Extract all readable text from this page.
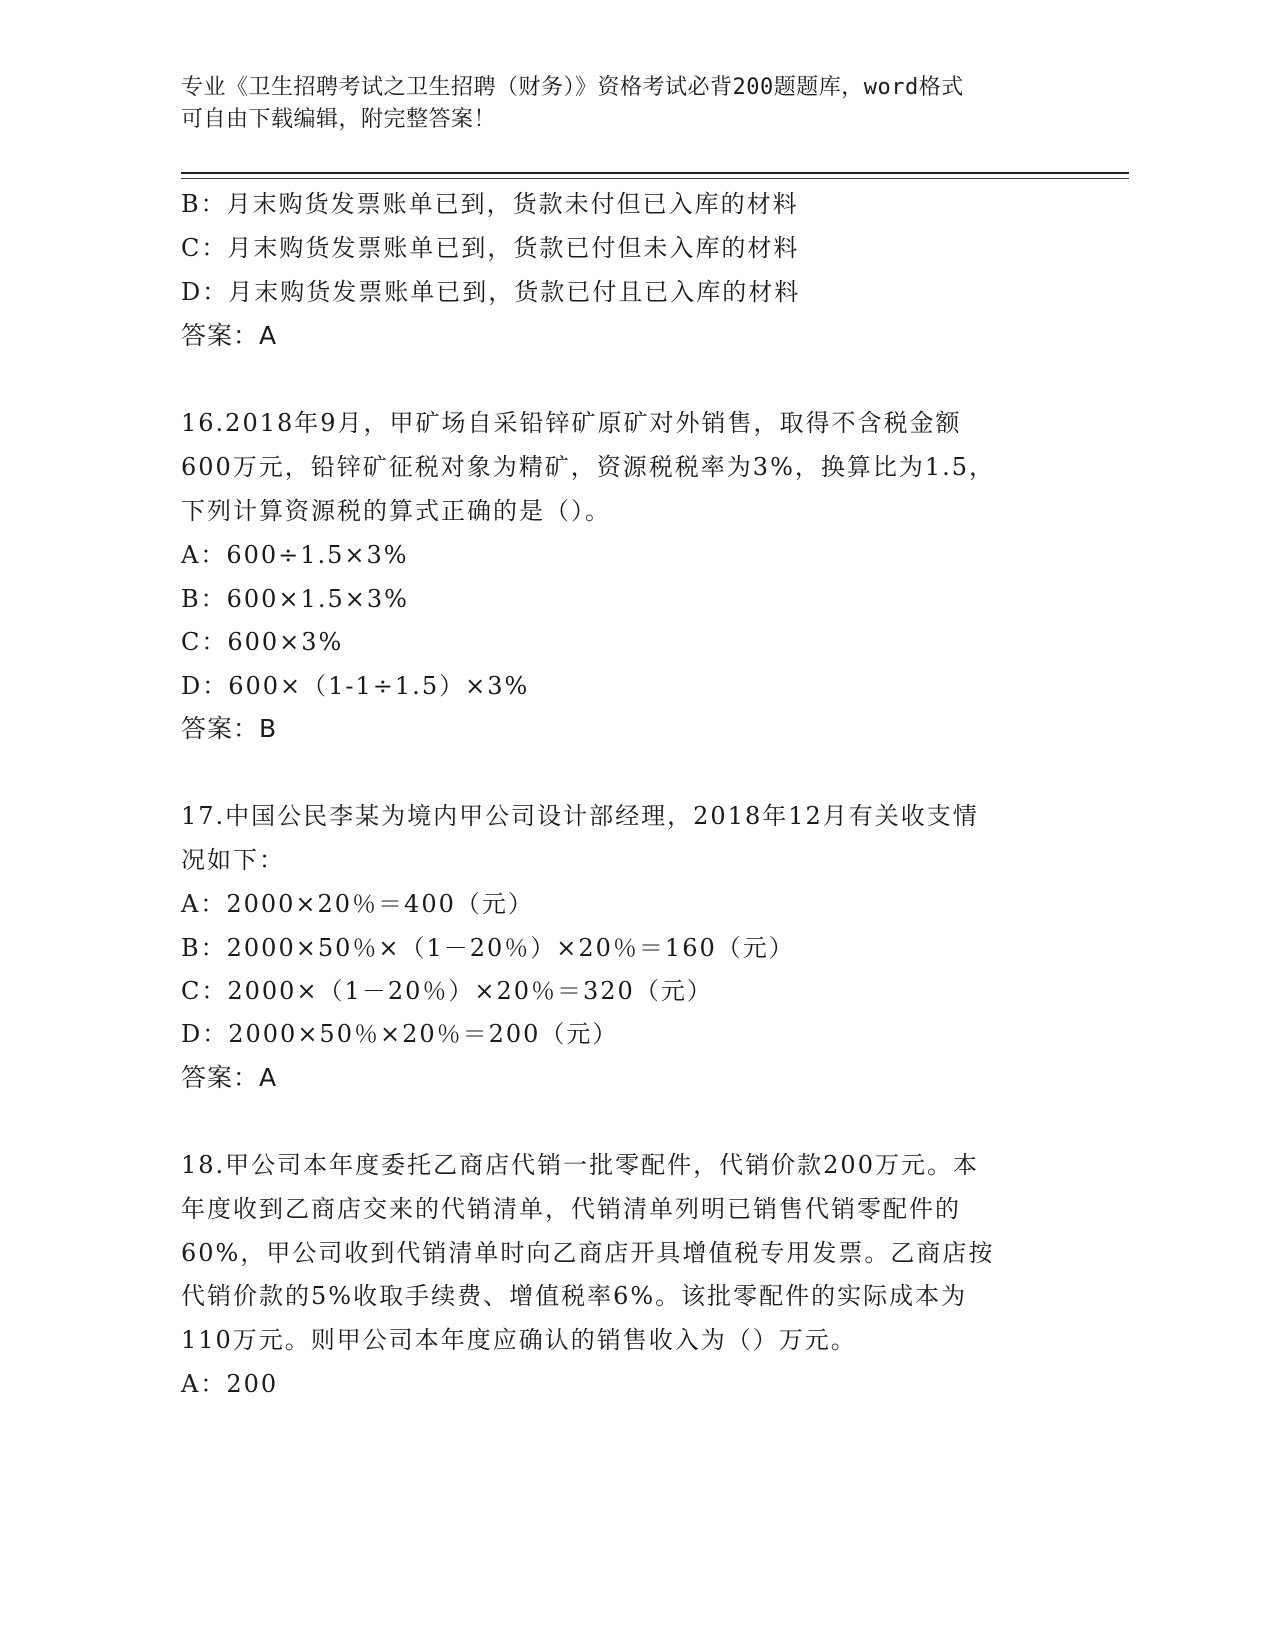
专业《卫生招聘考试之卫生招聘（财务）》资格考试必背200题题库，word格式
可自由下载编辑，附完整答案！
B：月末购货发票账单已到，货款未付但已入库的材料
C：月末购货发票账单已到，货款已付但未入库的材料
D：月末购货发票账单已到，货款已付且已入库的材料
答案：A
16.2018年9月，甲矿场自采铅锌矿原矿对外销售，取得不含税金额
600万元，铅锌矿征税对象为精矿，资源税税率为3%，换算比为1.5，
下列计算资源税的算式正确的是（）。
A：600÷1.5×3%
B：600×1.5×3%
C：600×3%
D：600×（1-1÷1.5）×3%
答案：B
17.中国公民李某为境内甲公司设计部经理，2018年12月有关收支情
况如下：
A：2000×20％＝400（元）
B：2000×50％×（1－20％）×20％＝160（元）
C：2000×（1－20％）×20％＝320（元）
D：2000×50％×20％＝200（元）
答案：A
18.甲公司本年度委托乙商店代销一批零配件，代销价款200万元。本
年度收到乙商店交来的代销清单，代销清单列明已销售代销零配件的
60%，甲公司收到代销清单时向乙商店开具增值税专用发票。乙商店按
代销价款的5%收取手续费、增值税率6%。该批零配件的实际成本为
110万元。则甲公司本年度应确认的销售收入为（）万元。
A：200
